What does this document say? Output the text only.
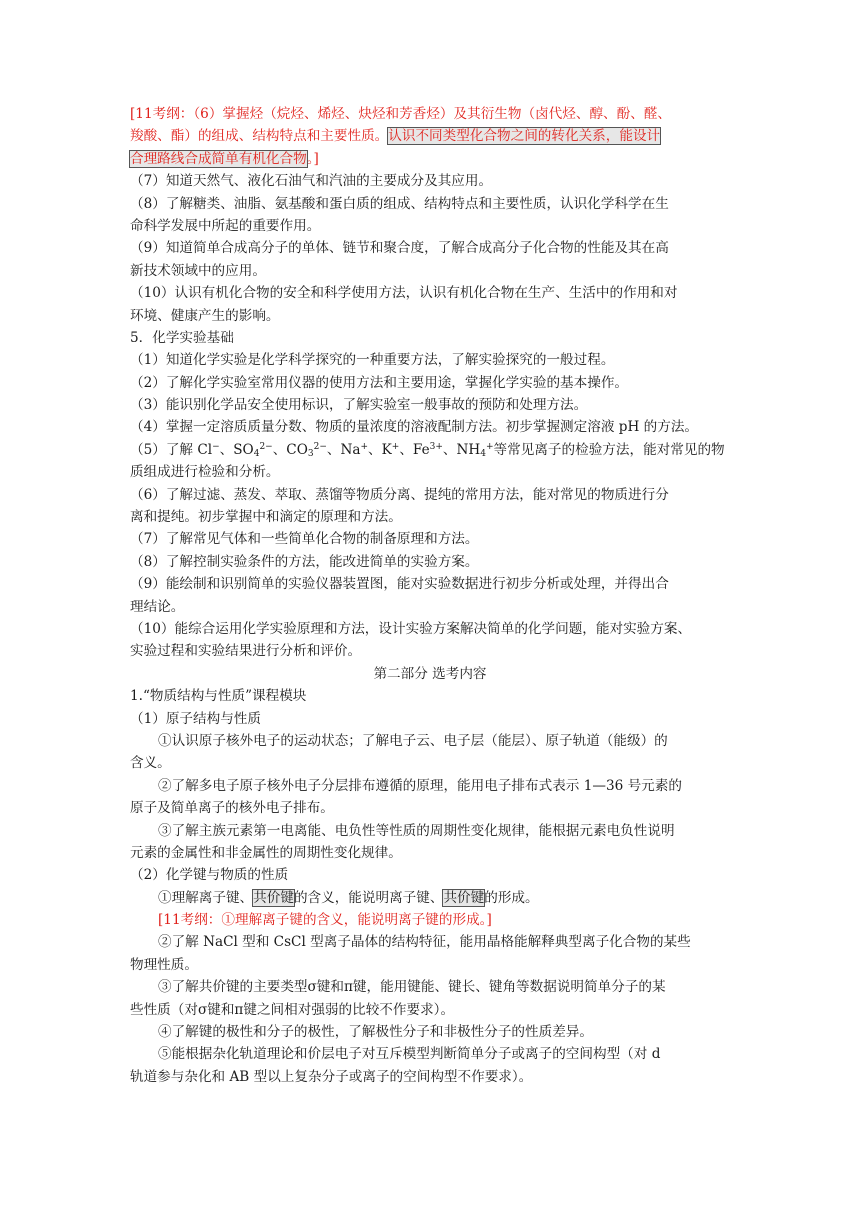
[11考纲：（6）掌握烃（烷烃、烯烃、炔烃和芳香烃）及其衍生物（卤代烃、醇、酚、醛、
羧酸、酯）的组成、结构特点和主要性质。认识不同类型化合物之间的转化关系，能设计
合理路线合成简单有机化合物。]
（7）知道天然气、液化石油气和汽油的主要成分及其应用。
（8）了解糖类、油脂、氨基酸和蛋白质的组成、结构特点和主要性质，认识化学科学在生
命科学发展中所起的重要作用。
（9）知道简单合成高分子的单体、链节和聚合度，了解合成高分子化合物的性能及其在高
新技术领域中的应用。
（10）认识有机化合物的安全和科学使用方法，认识有机化合物在生产、生活中的作用和对
环境、健康产生的影响。
5．化学实验基础
（1）知道化学实验是化学科学探究的一种重要方法，了解实验探究的一般过程。
（2）了解化学实验室常用仪器的使用方法和主要用途，掌握化学实验的基本操作。
（3）能识别化学品安全使用标识，了解实验室一般事故的预防和处理方法。
（4）掌握一定溶质质量分数、物质的量浓度的溶液配制方法。初步掌握测定溶液 pH 的方法。
（5）了解 Cl−、$SO_4^{2-}$、$CO_3^{2-}$、Na+、K+、$Fe^{3+}$、$NH_4^+$等常见离子的检验方法，能对常见的物
质组成进行检验和分析。
（6）了解过滤、蒸发、萃取、蒸馏等物质分离、提纯的常用方法，能对常见的物质进行分
离和提纯。初步掌握中和滴定的原理和方法。
（7）了解常见气体和一些简单化合物的制备原理和方法。
（8）了解控制实验条件的方法，能改进简单的实验方案。
（9）能绘制和识别简单的实验仪器装置图，能对实验数据进行初步分析或处理，并得出合
理结论。
（10）能综合运用化学实验原理和方法，设计实验方案解决简单的化学问题，能对实验方案、
实验过程和实验结果进行分析和评价。
第二部分 选考内容
1.“物质结构与性质”课程模块
（1）原子结构与性质
①认识原子核外电子的运动状态；了解电子云、电子层（能层）、原子轨道（能级）的
含义。
②了解多电子原子核外电子分层排布遵循的原理，能用电子排布式表示 1—36 号元素的
原子及简单离子的核外电子排布。
③了解主族元素第一电离能、电负性等性质的周期性变化规律，能根据元素电负性说明
元素的金属性和非金属性的周期性变化规律。
（2）化学键与物质的性质
①理解离子键、共价键的含义，能说明离子键、共价键的形成。
[11考纲：①理解离子键的含义，能说明离子键的形成。]
②了解 NaCl 型和 CsCl 型离子晶体的结构特征，能用晶格能解释典型离子化合物的某些
物理性质。
③了解共价键的主要类型σ键和π键，能用键能、键长、键角等数据说明简单分子的某
些性质（对σ键和π键之间相对强弱的比较不作要求）。
④了解键的极性和分子的极性，了解极性分子和非极性分子的性质差异。
⑤能根据杂化轨道理论和价层电子对互斥模型判断简单分子或离子的空间构型（对 d
轨道参与杂化和 AB 型以上复杂分子或离子的空间构型不作要求）。
